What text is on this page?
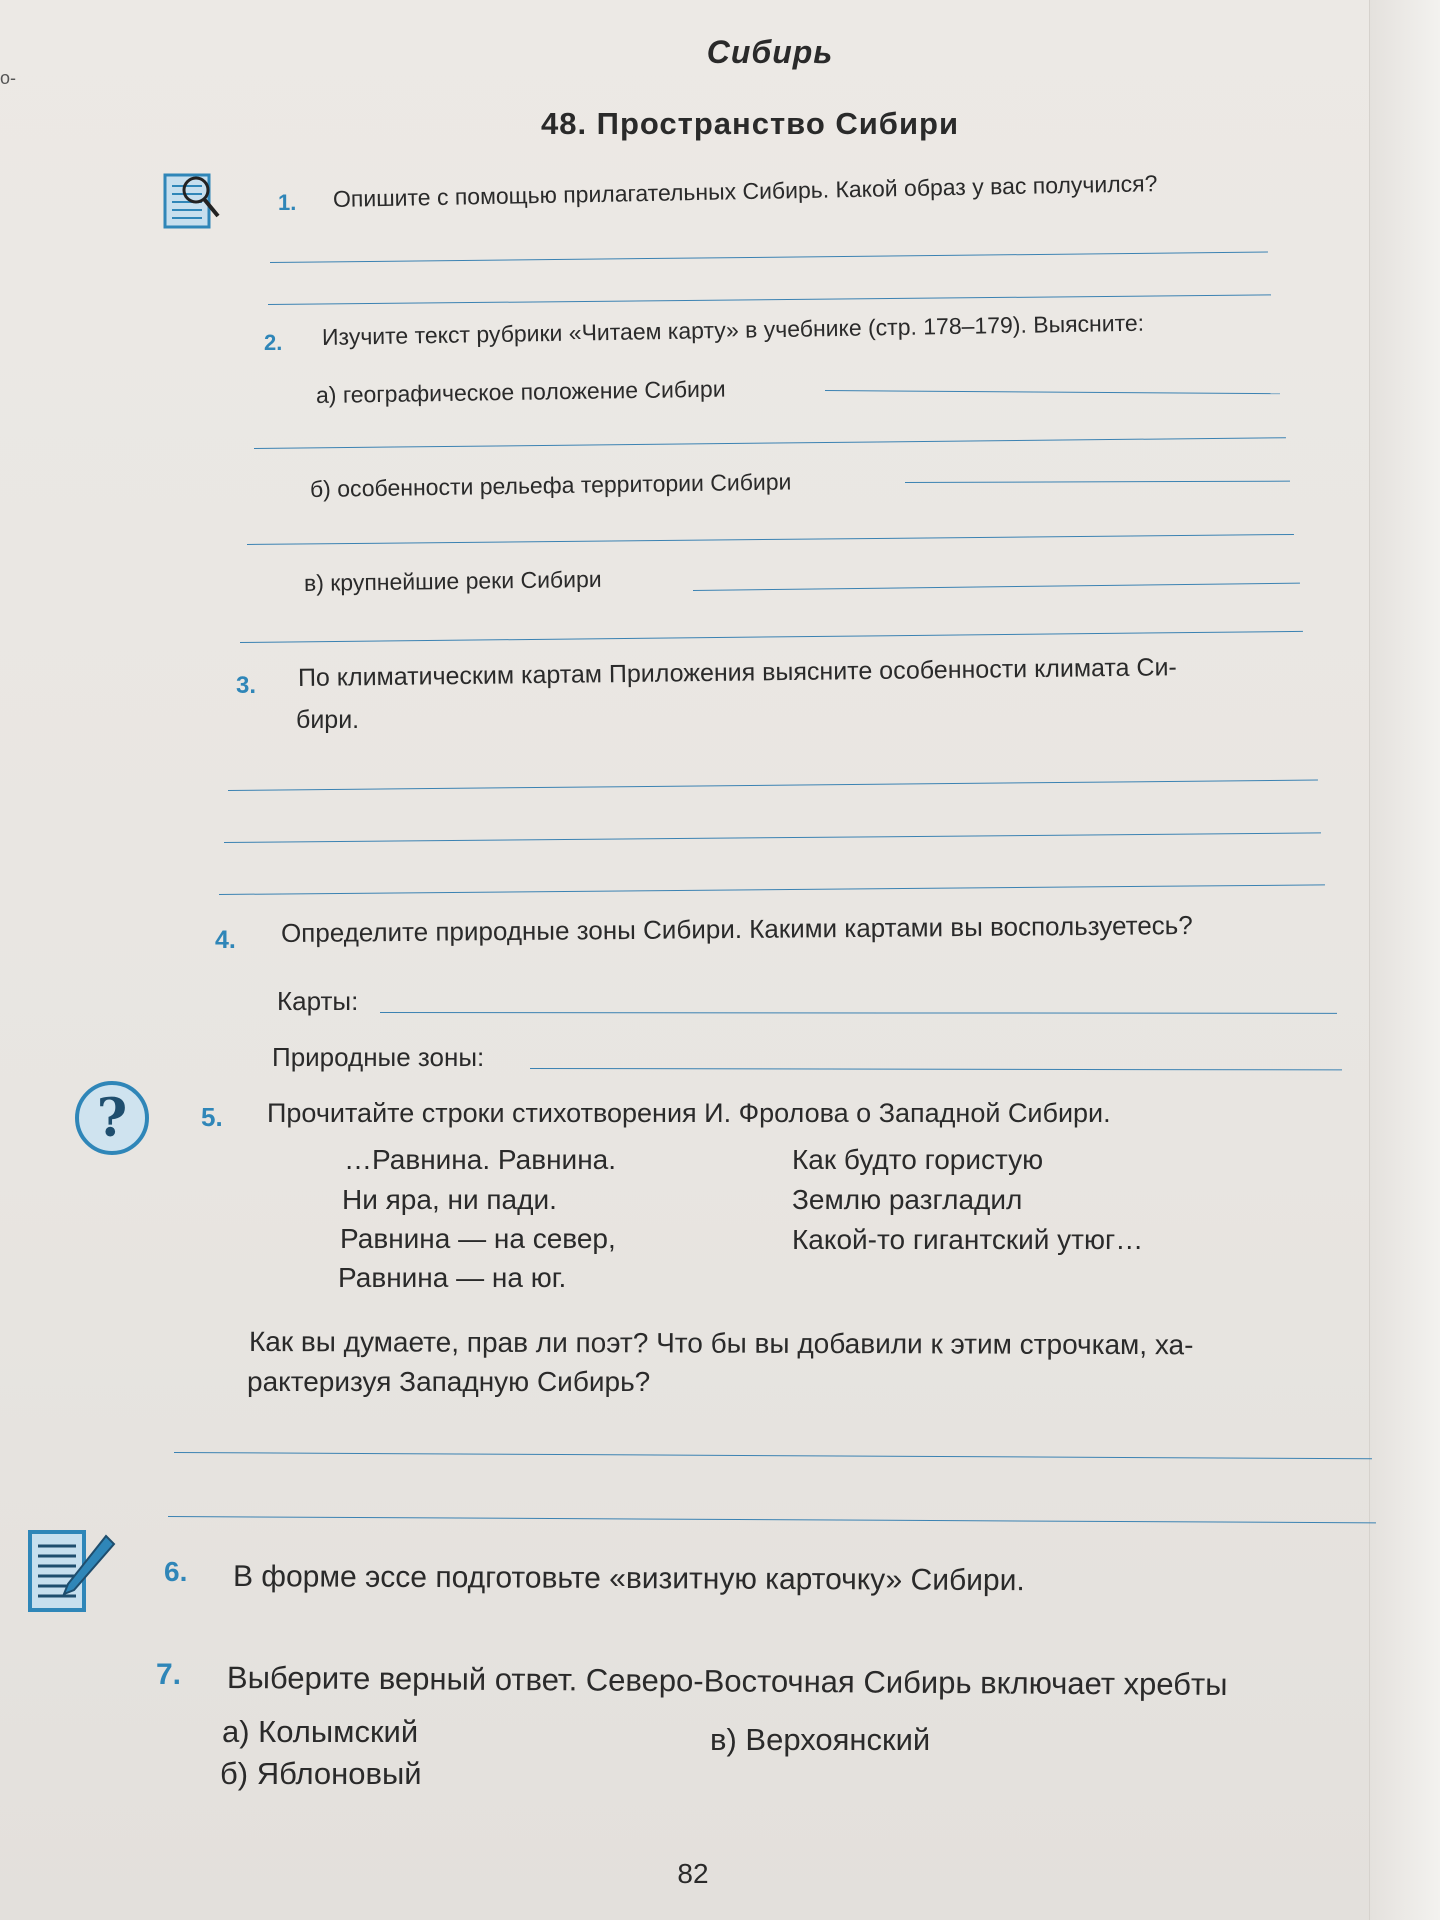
о-
Сибирь
48. Пространство Сибири
1. Опишите с помощью прилагательных Сибирь. Какой образ у вас получился?
2. Изучите текст рубрики «Читаем карту» в учебнике (стр. 178–179). Выясните:
а) географическое положение Сибири
б) особенности рельефа территории Сибири
в) крупнейшие реки Сибири
3. По климатическим картам Приложения выясните особенности климата Си-
бири.
4. Определите природные зоны Сибири. Какими картами вы воспользуетесь?
Карты:
Природные зоны:
?	5. Прочитайте строки стихотворения И. Фролова о Западной Сибири.
…Равнина. Равнина.
Ни яра, ни пади.
Равнина — на север,
Равнина — на юг.
Как будто гористую
Землю разгладил
Какой-то гигантский утюг…
Как вы думаете, прав ли поэт? Что бы вы добавили к этим строчкам, ха-
рактеризуя Западную Сибирь?
6. В форме эссе подготовьте «визитную карточку» Сибири.
7. Выберите верный ответ. Северо-Восточная Сибирь включает хребты
а) Колымский
б) Яблоновый
в) Верхоянский
82
